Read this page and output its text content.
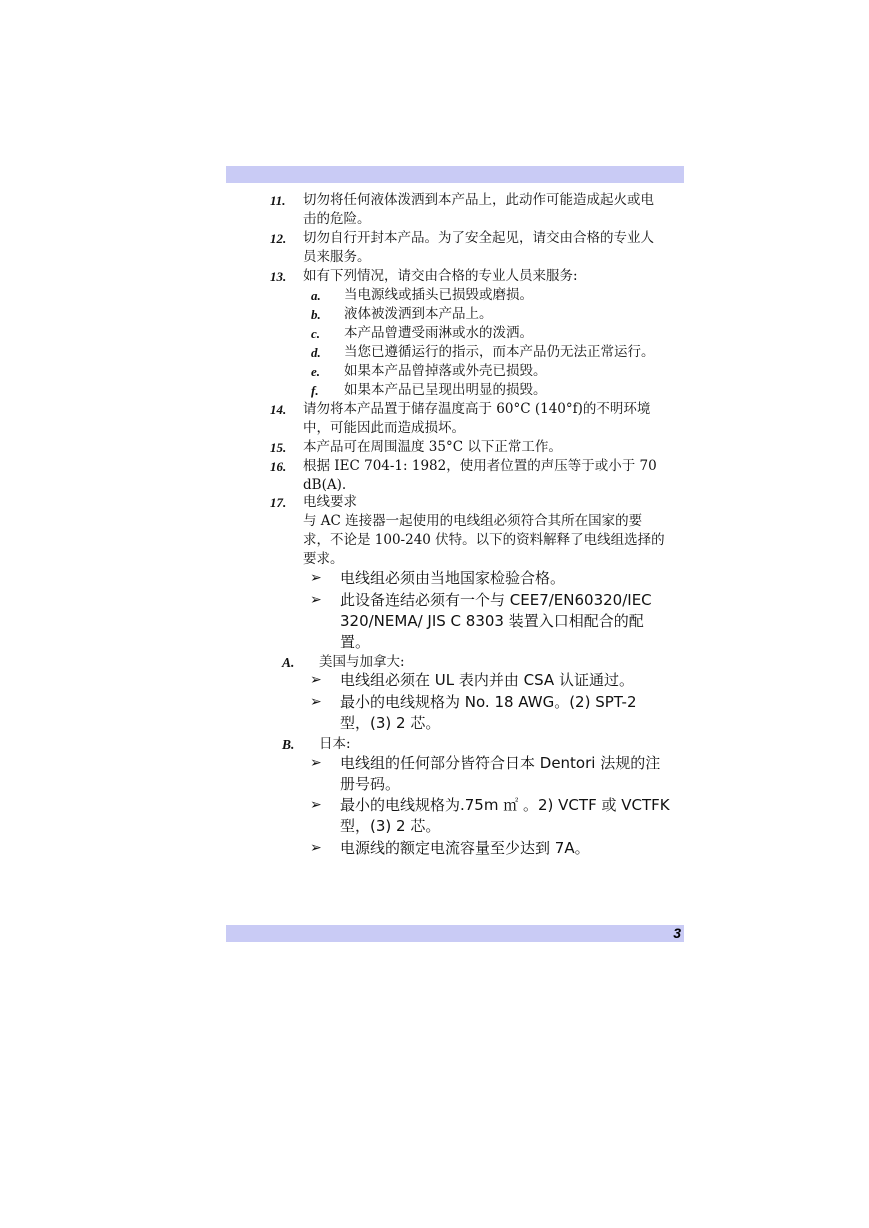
11. 切勿将任何液体泼洒到本产品上，此动作可能造成起火或电
击的危险。
12. 切勿自行开封本产品。为了安全起见，请交由合格的专业人
员来服务。
13. 如有下列情况，请交由合格的专业人员来服务:
a. 当电源线或插头已损毁或磨损。
b. 液体被泼洒到本产品上。
c. 本产品曾遭受雨淋或水的泼洒。
d. 当您已遵循运行的指示，而本产品仍无法正常运行。
e. 如果本产品曾掉落或外壳已损毁。
f. 如果本产品已呈现出明显的损毁。
14. 请勿将本产品置于储存温度高于 60°C (140°f)的不明环境
中，可能因此而造成损坏。
15. 本产品可在周围温度 35°C 以下正常工作。
16. 根据 IEC 704-1: 1982，使用者位置的声压等于或小于 70
dB(A).
17. 电线要求
与 AC 连接器一起使用的电线组必须符合其所在国家的要
求，不论是 100-240 伏特。以下的资料解释了电线组选择的
要求。
➢ 电线组必须由当地国家检验合格。
➢ 此设备连结必须有一个与 CEE7/EN60320/IEC
320/NEMA/ JIS C 8303 装置入口相配合的配
置。
A. 美国与加拿大:
➢ 电线组必须在 UL 表内并由 CSA 认证通过。
➢ 最小的电线规格为 No. 18 AWG。(2) SPT-2
型，(3) 2 芯。
B. 日本:
➢ 电线组的任何部分皆符合日本 Dentori 法规的注
册号码。
➢ 最小的电线规格为.75m ㎡ 。2) VCTF 或 VCTFK
型，(3) 2 芯。
➢ 电源线的额定电流容量至少达到 7A。
3
